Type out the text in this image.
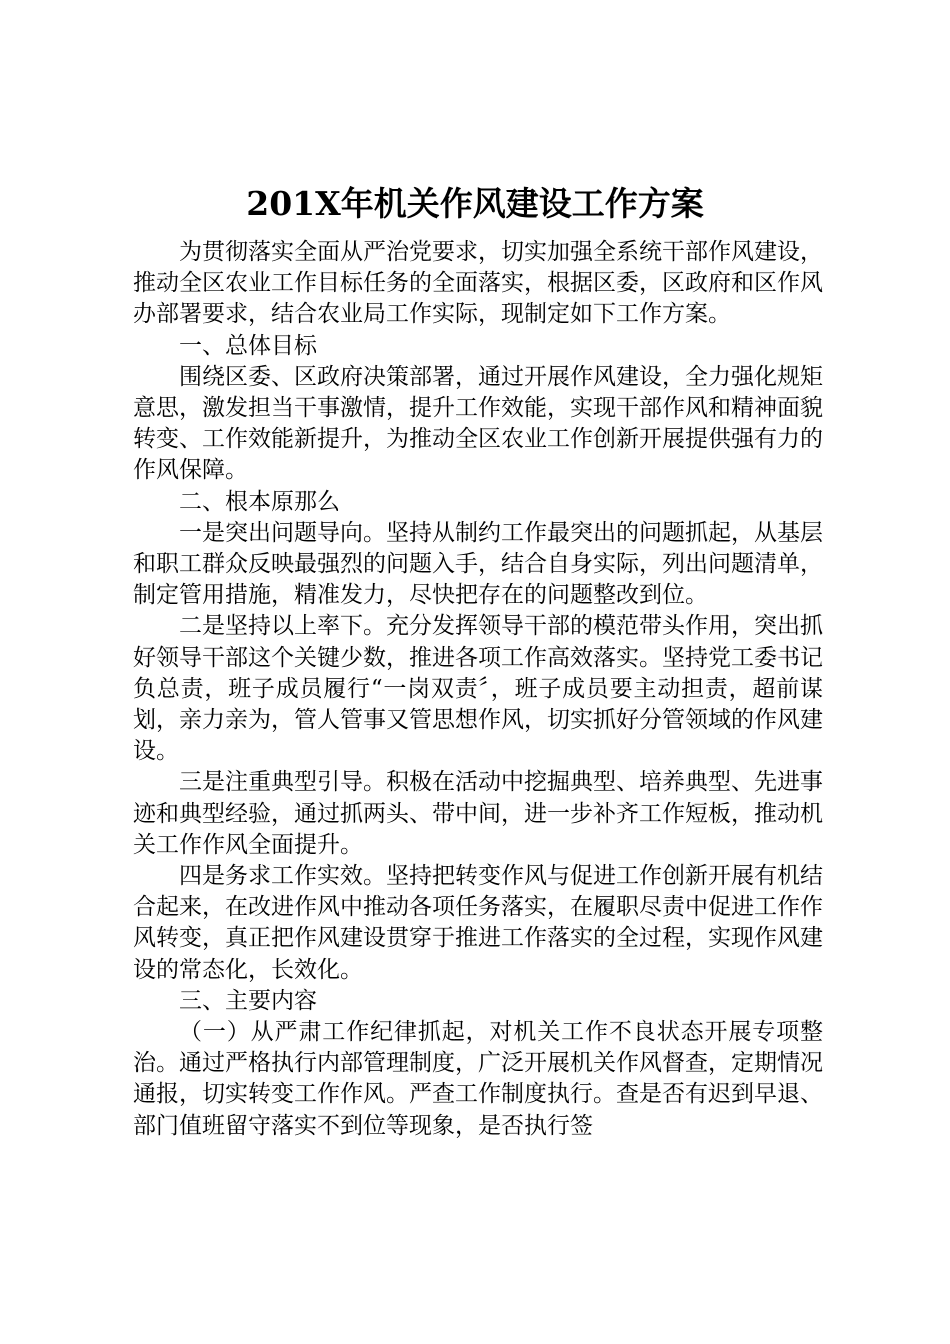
201X年机关作风建设工作方案

为贯彻落实全面从严治党要求，切实加强全系统干部作风建设，推动全区农业工作目标任务的全面落实，根据区委，区政府和区作风办部署要求，结合农业局工作实际，现制定如下工作方案。

一、总体目标

围绕区委、区政府决策部署，通过开展作风建设，全力强化规矩意思，激发担当干事激情，提升工作效能，实现干部作风和精神面貌转变、工作效能新提升，为推动全区农业工作创新开展提供强有力的作风保障。

二、根本原那么

一是突出问题导向。坚持从制约工作最突出的问题抓起，从基层和职工群众反映最强烈的问题入手，结合自身实际，列出问题清单，制定管用措施，精准发力，尽快把存在的问题整改到位。

二是坚持以上率下。充分发挥领导干部的模范带头作用，突出抓好领导干部这个关键少数，推进各项工作高效落实。坚持党工委书记负总责，班子成员履行“一岗双责〞，班子成员要主动担责，超前谋划，亲力亲为，管人管事又管思想作风，切实抓好分管领域的作风建设。

三是注重典型引导。积极在活动中挖掘典型、培养典型、先进事迹和典型经验，通过抓两头、带中间，进一步补齐工作短板，推动机关工作作风全面提升。

四是务求工作实效。坚持把转变作风与促进工作创新开展有机结合起来，在改进作风中推动各项任务落实，在履职尽责中促进工作作风转变，真正把作风建设贯穿于推进工作落实的全过程，实现作风建设的常态化，长效化。

三、主要内容

（一）从严肃工作纪律抓起，对机关工作不良状态开展专项整治。通过严格执行内部管理制度，广泛开展机关作风督查，定期情况通报，切实转变工作作风。严查工作制度执行。查是否有迟到早退、部门值班留守落实不到位等现象，是否执行签
